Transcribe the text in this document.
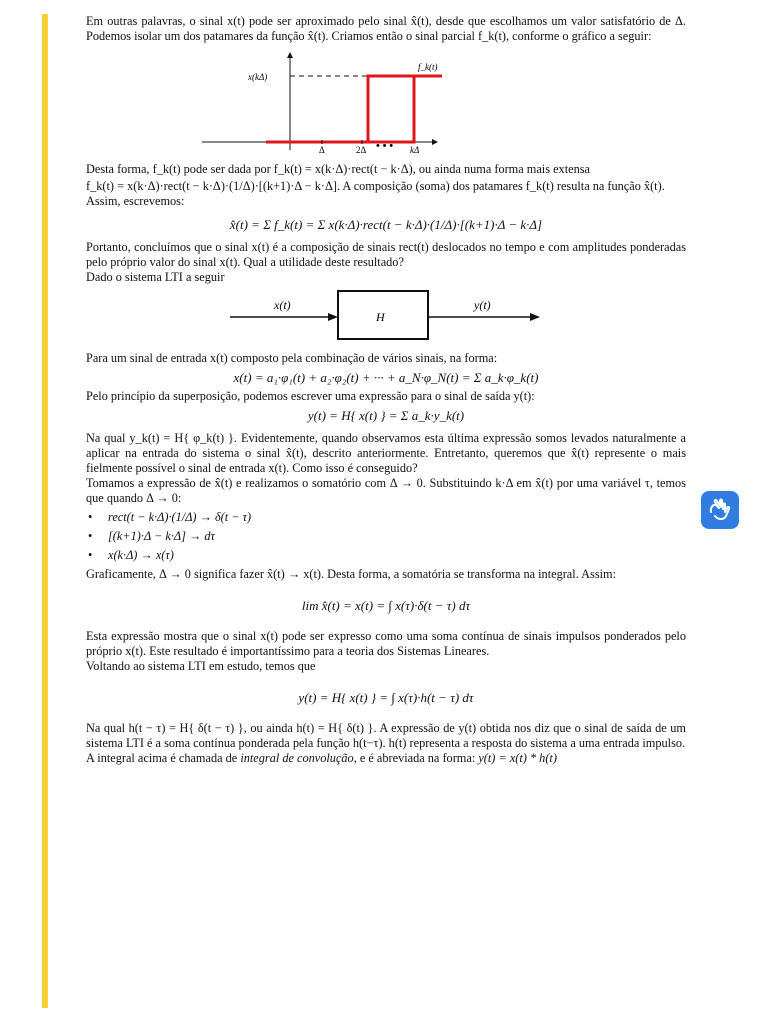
Em outras palavras, o sinal x(t) pode ser aproximado pelo sinal x̂(t), desde que escolhamos um valor satisfatório de Δ. Podemos isolar um dos patamares da função x̂(t). Criamos então o sinal parcial f_k(t), conforme o gráfico a seguir:

x(kΔ)
f_k(t)
Δ	2Δ • • • kΔ

Desta forma, f_k(t) pode ser dada por f_k(t) = x(k·Δ)·rect(t − k·Δ), ou ainda numa forma mais extensa

f_k(t) = x(k·Δ)·rect(t − k·Δ)·(1/Δ)·[(k+1)·Δ − k·Δ]. A composição (soma) dos patamares f_k(t) resulta na função x̂(t).

Assim, escrevemos:

x̂(t) = Σ f_k(t) = Σ x(k·Δ)·rect(t − k·Δ)·(1/Δ)·[(k+1)·Δ − k·Δ]

Portanto, concluímos que o sinal x(t) é a composição de sinais rect(t) deslocados no tempo e com amplitudes ponderadas pelo próprio valor do sinal x(t). Qual a utilidade deste resultado?

Dado o sistema LTI a seguir

x(t)
H
y(t)

Para um sinal de entrada x(t) composto pela combinação de vários sinais, na forma:

x(t) = a₁·φ₁(t) + a₂·φ₂(t) + ··· + a_N·φ_N(t) = Σ a_k·φ_k(t)

Pelo princípio da superposição, podemos escrever uma expressão para o sinal de saída y(t):

y(t) = H{ x(t) } = Σ a_k·y_k(t)

Na qual y_k(t) = H{ φ_k(t) }. Evidentemente, quando observamos esta última expressão somos levados naturalmente a aplicar na entrada do sistema o sinal x̂(t), descrito anteriormente. Entretanto, queremos que x̂(t) represente o mais fielmente possível o sinal de entrada x(t). Como isso é conseguido?

Tomamos a expressão de x̂(t) e realizamos o somatório com Δ → 0. Substituindo k·Δ em x̂(t) por uma variável τ, temos que quando Δ → 0:

• rect(t − k·Δ)·(1/Δ) → δ(t − τ)
• [(k+1)·Δ − k·Δ] → dτ
• x(k·Δ) → x(τ)

Graficamente, Δ → 0 significa fazer x̂(t) → x(t). Desta forma, a somatória se transforma na integral. Assim:

lim x̂(t) = x(t) = ∫ x(τ)·δ(t − τ) dτ

Esta expressão mostra que o sinal x(t) pode ser expresso como uma soma contínua de sinais impulsos ponderados pelo próprio x(t). Este resultado é importantíssimo para a teoria dos Sistemas Lineares.

Voltando ao sistema LTI em estudo, temos que

y(t) = H{ x(t) } = ∫ x(τ)·h(t − τ) dτ

Na qual h(t − τ) = H{ δ(t − τ) }, ou ainda h(t) = H{ δ(t) }. A expressão de y(t) obtida nos diz que o sinal de saída de um sistema LTI é a soma contínua ponderada pela função h(t−τ). h(t) representa a resposta do sistema a uma entrada impulso.

A integral acima é chamada de integral de convolução, e é abreviada na forma: y(t) = x(t) * h(t)
